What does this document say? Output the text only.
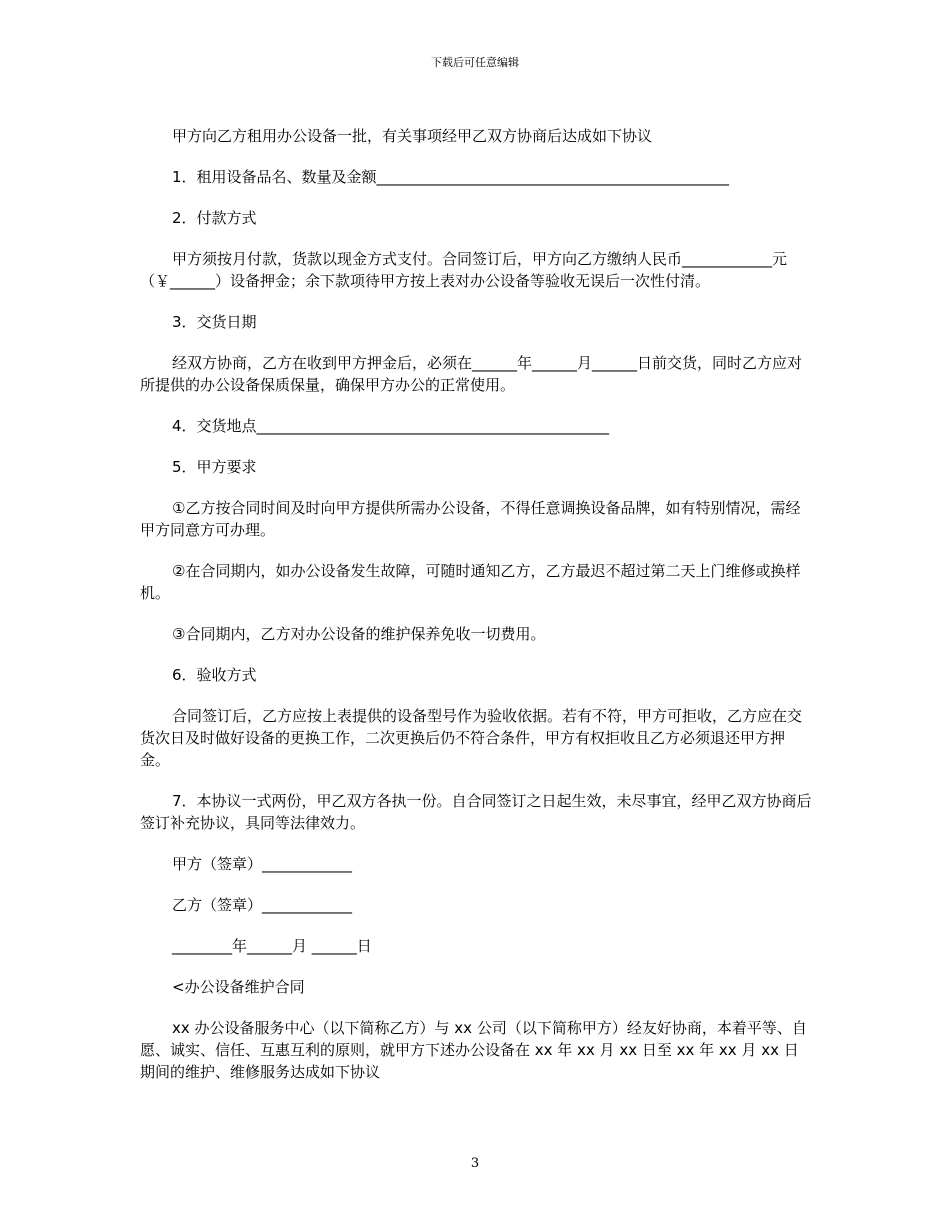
下载后可任意编辑

甲方向乙方租用办公设备一批，有关事项经甲乙双方协商后达成如下协议

1．租用设备品名、数量及金额_______________________________________________

2．付款方式

甲方须按月付款，货款以现金方式支付。合同签订后，甲方向乙方缴纳人民币____________元（￥______）设备押金；余下款项待甲方按上表对办公设备等验收无误后一次性付清。

3．交货日期

经双方协商，乙方在收到甲方押金后，必须在______年______月______日前交货，同时乙方应对所提供的办公设备保质保量，确保甲方办公的正常使用。

4．交货地点_______________________________________________

5．甲方要求

①乙方按合同时间及时向甲方提供所需办公设备，不得任意调换设备品牌，如有特别情况，需经甲方同意方可办理。

②在合同期内，如办公设备发生故障，可随时通知乙方，乙方最迟不超过第二天上门维修或换样机。

③合同期内，乙方对办公设备的维护保养免收一切费用。

6．验收方式

合同签订后，乙方应按上表提供的设备型号作为验收依据。若有不符，甲方可拒收，乙方应在交货次日及时做好设备的更换工作，二次更换后仍不符合条件，甲方有权拒收且乙方必须退还甲方押金。

7．本协议一式两份，甲乙双方各执一份。自合同签订之日起生效，未尽事宜，经甲乙双方协商后签订补充协议，具同等法律效力。

甲方（签章）____________

乙方（签章）____________

________年______月 ______日

<办公设备维护合同

xx 办公设备服务中心（以下简称乙方）与 xx 公司（以下简称甲方）经友好协商，本着平等、自愿、诚实、信任、互惠互利的原则，就甲方下述办公设备在 xx 年 xx 月 xx 日至 xx 年 xx 月 xx 日期间的维护、维修服务达成如下协议

3
